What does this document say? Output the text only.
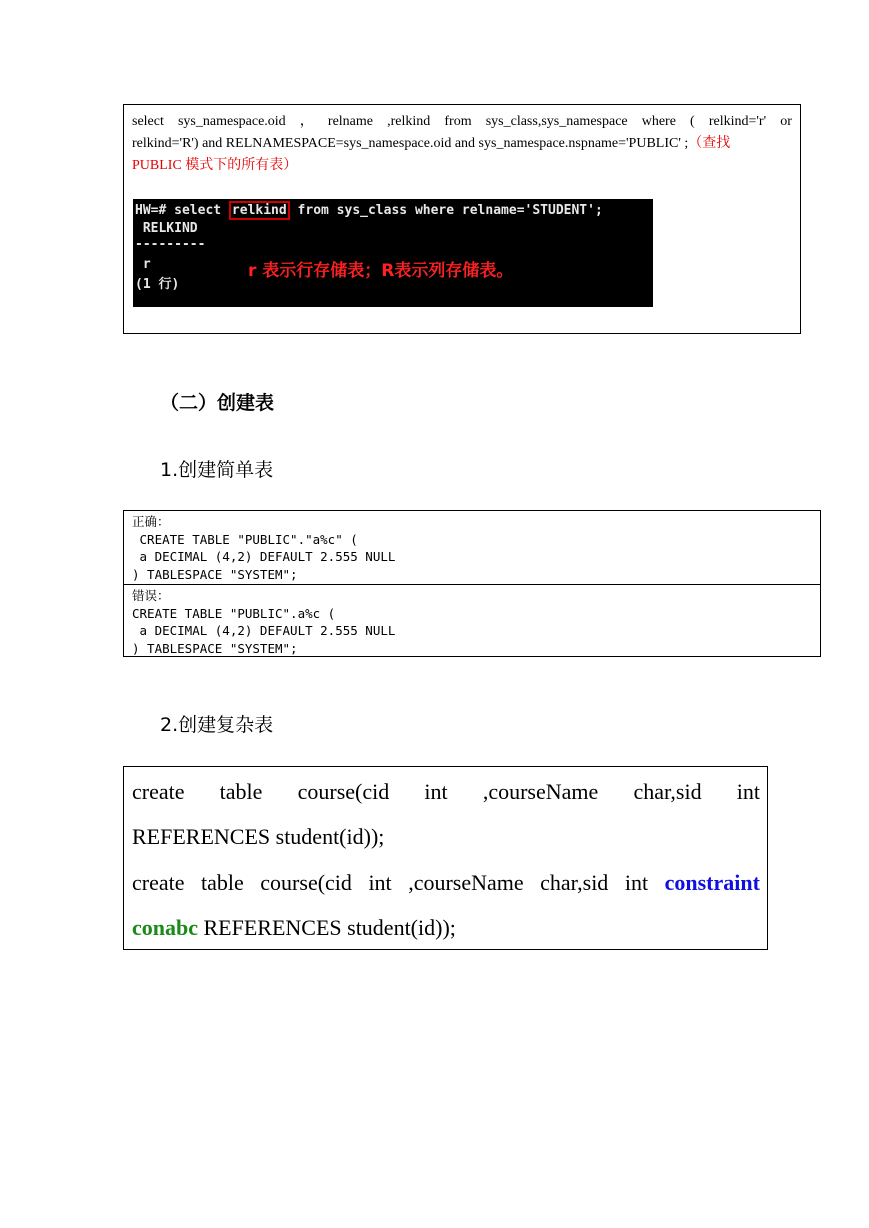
select sys_namespace.oid ， relname ,relkind from sys_class,sys_namespace where ( relkind='r' or
relkind='R') and RELNAMESPACE=sys_namespace.oid and sys_namespace.nspname='PUBLIC' ;（查找
PUBLIC 模式下的所有表）
HW=# select relkind from sys_class where relname='STUDENT';
RELKIND
---------
r
(1 行)
r 表示行存储表；R表示列存储表。
（二）创建表
1.创建简单表
正确：
CREATE TABLE "PUBLIC"."a%c" (
a DECIMAL (4,2) DEFAULT 2.555 NULL
) TABLESPACE "SYSTEM";
错误：
CREATE TABLE "PUBLIC".a%c (
a DECIMAL (4,2) DEFAULT 2.555 NULL
) TABLESPACE "SYSTEM";
2.创建复杂表
create table course(cid int ,courseName char,sid int
REFERENCES student(id));
create table course(cid int ,courseName char,sid int constraint
conabc REFERENCES student(id));
